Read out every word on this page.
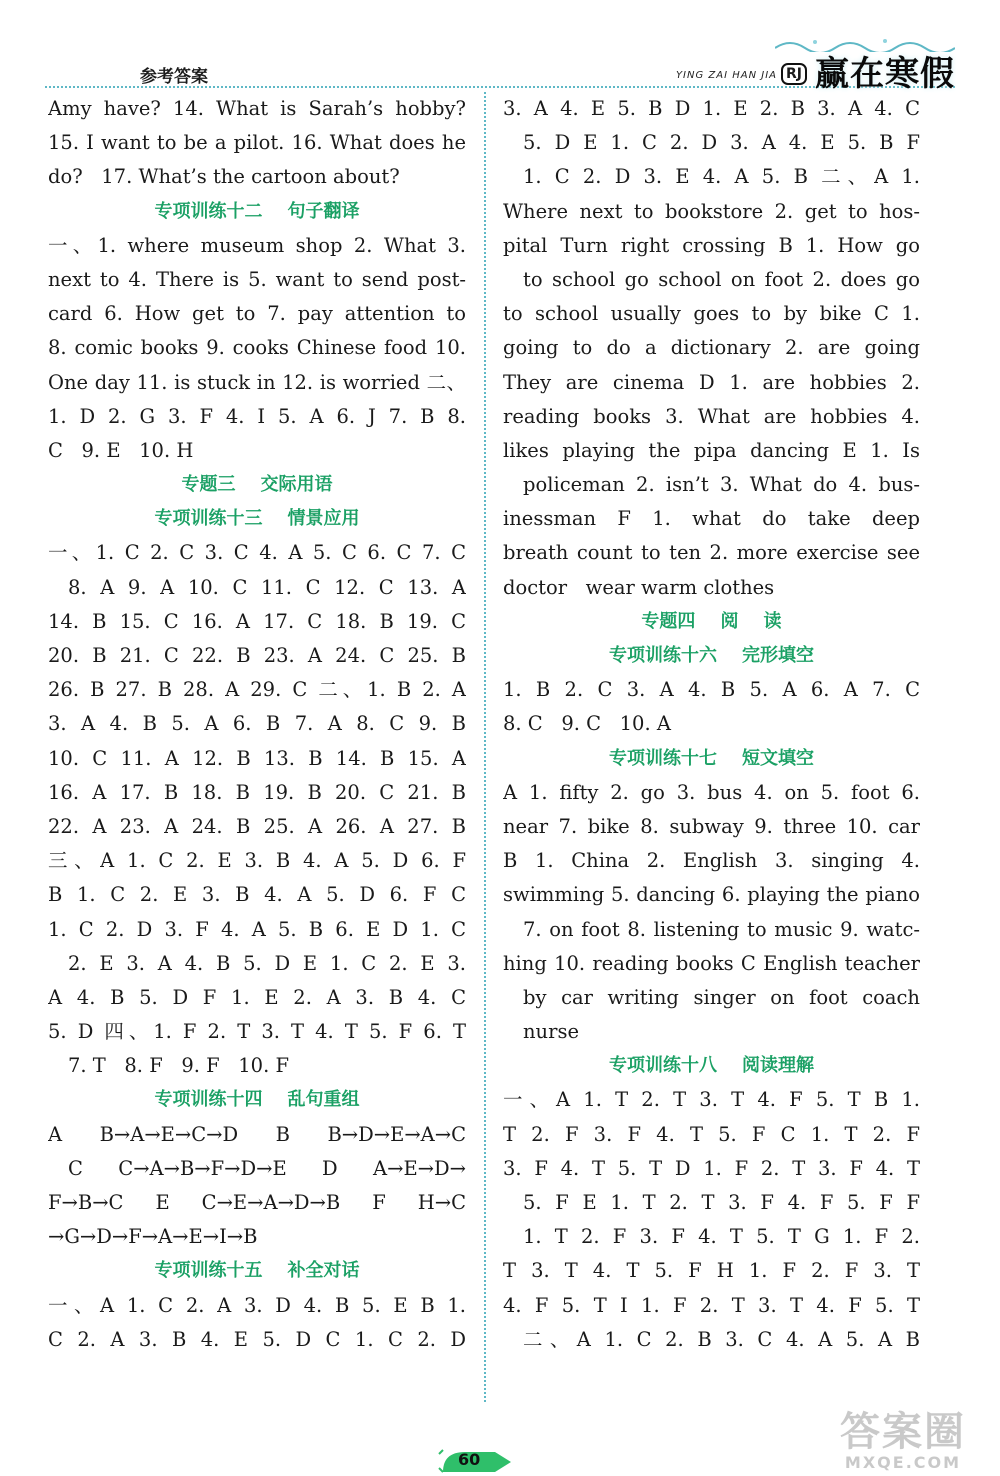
参考答案	YING ZAI HAN JIA RJ 赢在寒假
Amy have? 14. What is Sarah’s hobby?
15. I want to be a pilot. 16. What does he
do?   17. What’s the cartoon about?
专项训练十二    句子翻译
一、1. where museum shop 2. What 3.
next to 4. There is 5. want to send post-
card 6. How get to 7. pay attention to
8. comic books 9. cooks Chinese food 10.
One day 11. is stuck in 12. is worried 二、
1. D 2. G 3. F 4. I 5. A 6. J 7. B 8.
C   9. E   10. H
专题三    交际用语
专项训练十三    情景应用
一、1. C 2. C 3. C 4. A 5. C 6. C 7. C
8. A 9. A 10. C 11. C 12. C 13. A
14. B 15. C 16. A 17. C 18. B 19. C
20. B 21. C 22. B 23. A 24. C 25. B
26. B 27. B 28. A 29. C 二、1. B 2. A
3. A 4. B 5. A 6. B 7. A 8. C 9. B
10. C 11. A 12. B 13. B 14. B 15. A
16. A 17. B 18. B 19. B 20. C 21. B
22. A 23. A 24. B 25. A 26. A 27. B
三、A 1. C 2. E 3. B 4. A 5. D 6. F
B 1. C 2. E 3. B 4. A 5. D 6. F C
1. C 2. D 3. F 4. A 5. B 6. E D 1. C
2. E 3. A 4. B 5. D E 1. C 2. E 3.
A 4. B 5. D F 1. E 2. A 3. B 4. C
5. D 四、1. F 2. T 3. T 4. T 5. F 6. T
7. T   8. F   9. F   10. F
专项训练十四    乱句重组
A B→A→E→C→D B B→D→E→A→C
C C→A→B→F→D→E D A→E→D→
F→B→C E C→E→A→D→B F H→C
→G→D→F→A→E→I→B
专项训练十五    补全对话
一、A 1. C 2. A 3. D 4. B 5. E B 1.
C 2. A 3. B 4. E 5. D C 1. C 2. D
3. A 4. E 5. B D 1. E 2. B 3. A 4. C
5. D E 1. C 2. D 3. A 4. E 5. B F
1. C 2. D 3. E 4. A 5. B 二、A 1.
Where next to bookstore 2. get to hos-
pital Turn right crossing B 1. How go
to school go school on foot 2. does go
to school usually goes to by bike C 1.
going to do a dictionary 2. are going
They are cinema D 1. are hobbies 2.
reading books 3. What are hobbies 4.
likes playing the pipa dancing E 1. Is
policeman 2. isn’t 3. What do 4. bus-
inessman F 1. what do take deep
breath count to ten 2. more exercise see
doctor   wear warm clothes
专题四    阅    读
专项训练十六    完形填空
1. B 2. C 3. A 4. B 5. A 6. A 7. C
8. C   9. C   10. A
专项训练十七    短文填空
A 1. fifty 2. go 3. bus 4. on 5. foot 6.
near 7. bike 8. subway 9. three 10. car
B 1. China 2. English 3. singing 4.
swimming 5. dancing 6. playing the piano
7. on foot 8. listening to music 9. watc-
hing 10. reading books C English teacher
by car writing singer on foot coach
nurse
专项训练十八    阅读理解
一、A 1. T 2. T 3. T 4. F 5. T B 1.
T 2. F 3. F 4. T 5. F C 1. T 2. F
3. F 4. T 5. T D 1. F 2. T 3. F 4. T
5. F E 1. T 2. T 3. F 4. F 5. F F
1. T 2. F 3. F 4. T 5. T G 1. F 2.
T 3. T 4. T 5. F H 1. F 2. F 3. T
4. F 5. T I 1. F 2. T 3. T 4. F 5. T
二、A 1. C 2. B 3. C 4. A 5. A B
60
答案圈
MXQE.COM
